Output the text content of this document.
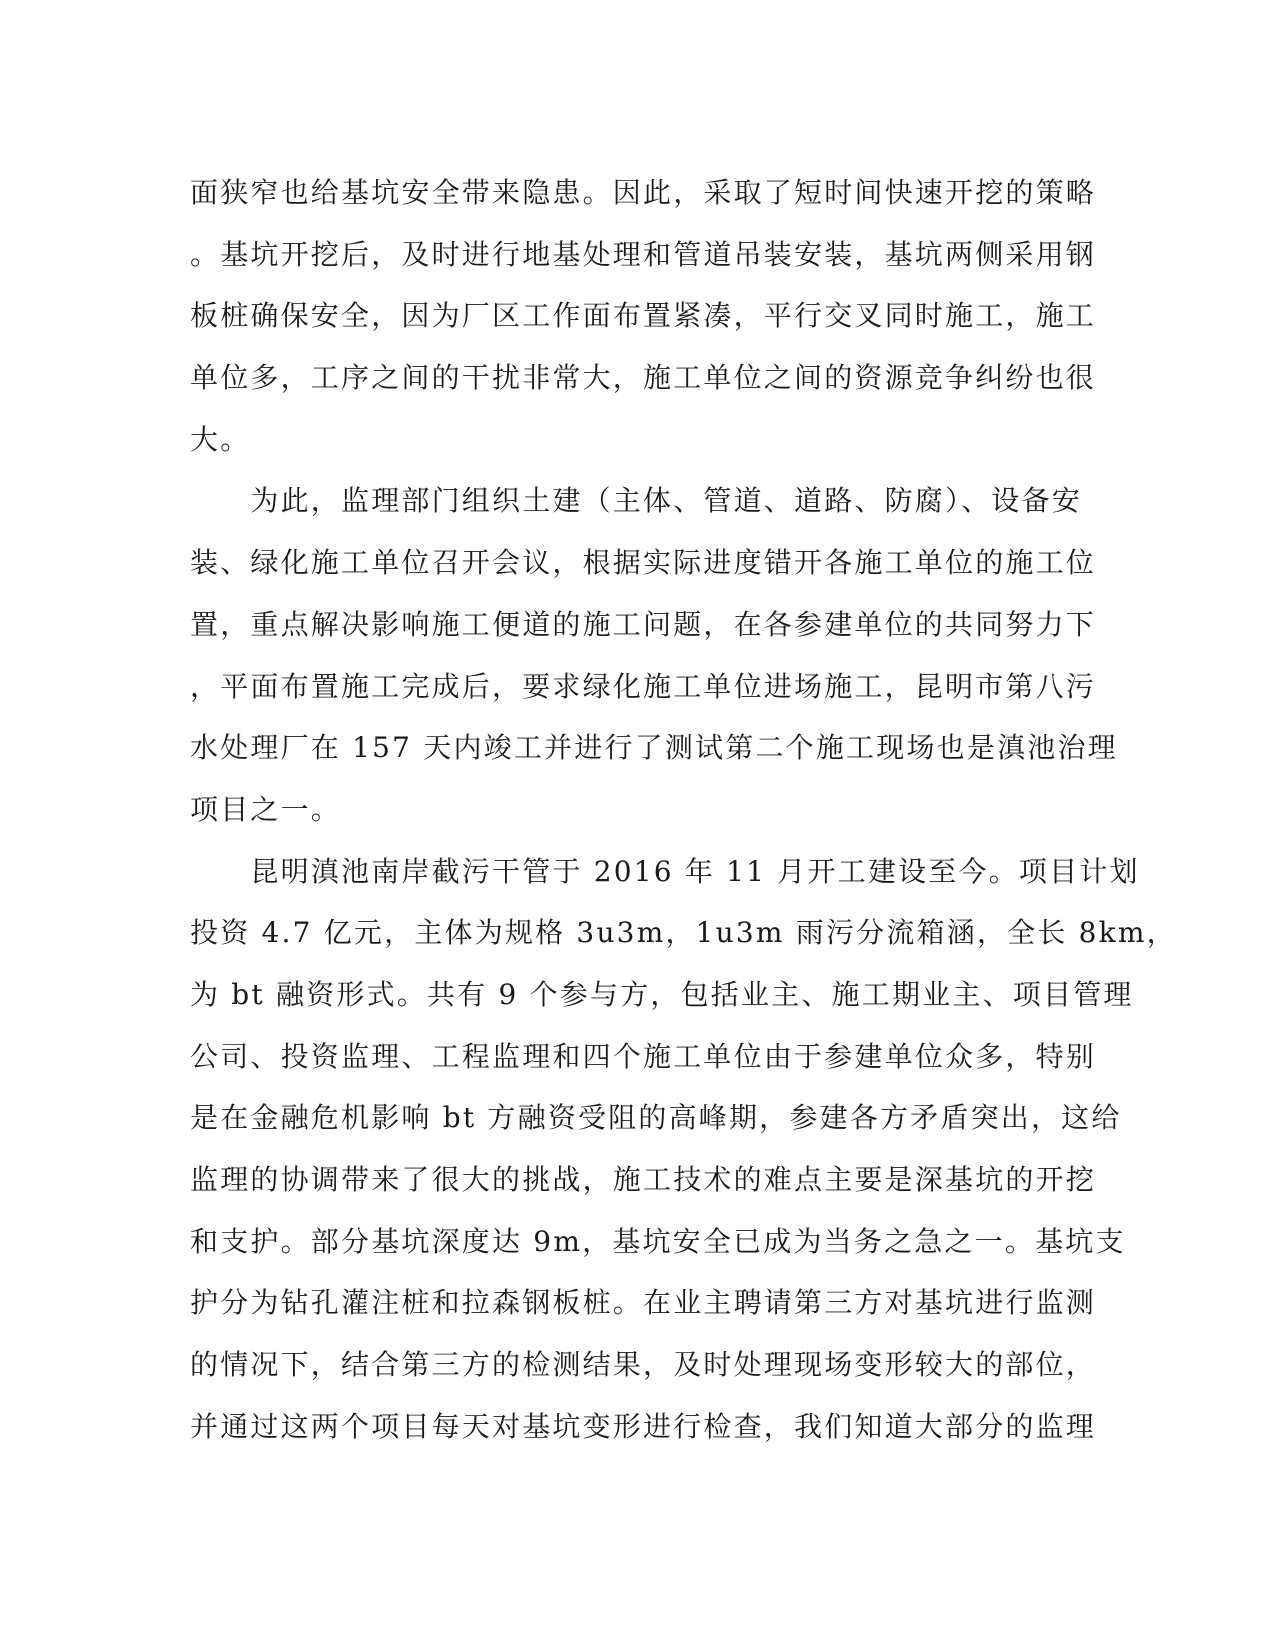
面狭窄也给基坑安全带来隐患。因此，采取了短时间快速开挖的策略
。基坑开挖后，及时进行地基处理和管道吊装安装，基坑两侧采用钢
板桩确保安全，因为厂区工作面布置紧凑，平行交叉同时施工，施工
单位多，工序之间的干扰非常大，施工单位之间的资源竞争纠纷也很
大。
　　为此，监理部门组织土建（主体、管道、道路、防腐）、设备安
装、绿化施工单位召开会议，根据实际进度错开各施工单位的施工位
置，重点解决影响施工便道的施工问题，在各参建单位的共同努力下
，平面布置施工完成后，要求绿化施工单位进场施工，昆明市第八污
水处理厂在 157 天内竣工并进行了测试第二个施工现场也是滇池治理
项目之一。
　　昆明滇池南岸截污干管于 2016 年 11 月开工建设至今。项目计划
投资 4.7 亿元，主体为规格 3u3m，1u3m 雨污分流箱涵，全长 8km，
为 bt 融资形式。共有 9 个参与方，包括业主、施工期业主、项目管理
公司、投资监理、工程监理和四个施工单位由于参建单位众多，特别
是在金融危机影响 bt 方融资受阻的高峰期，参建各方矛盾突出，这给
监理的协调带来了很大的挑战，施工技术的难点主要是深基坑的开挖
和支护。部分基坑深度达 9m，基坑安全已成为当务之急之一。基坑支
护分为钻孔灌注桩和拉森钢板桩。在业主聘请第三方对基坑进行监测
的情况下，结合第三方的检测结果，及时处理现场变形较大的部位，
并通过这两个项目每天对基坑变形进行检查，我们知道大部分的监理
